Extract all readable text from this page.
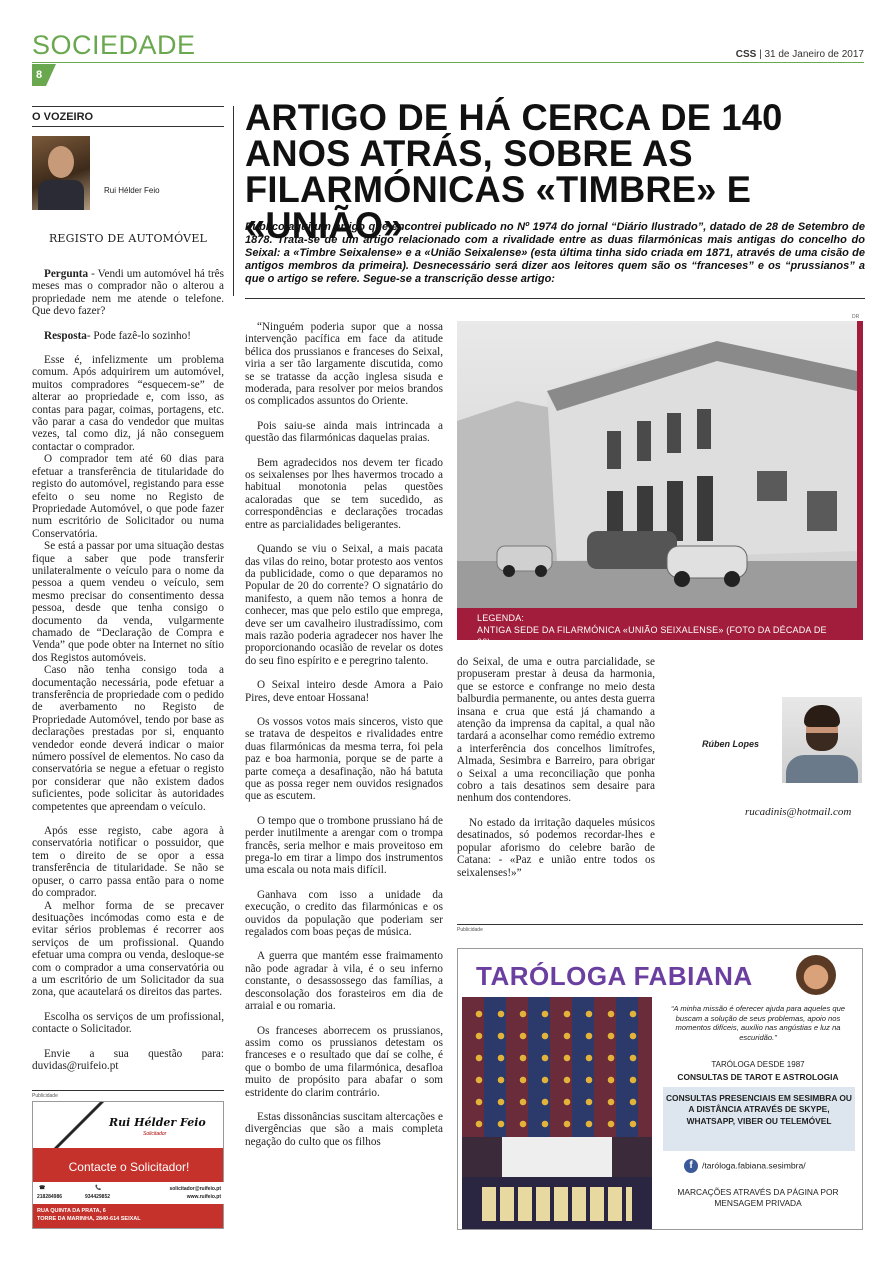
SOCIEDADE	CSS | 31 de Janeiro de 2017
8
O VOZEIRO
Rui Hélder Feio
REGISTO DE AUTOMÓVEL

Pergunta - Vendi um automóvel há três meses mas o comprador não o alterou a propriedade nem me atende o telefone. Que devo fazer?

Resposta- Pode fazê-lo sozinho!

Esse é, infelizmente um problema comum. Após adquirirem um automóvel, muitos compradores “esquecem-se” de alterar ao propriedade e, com isso, as contas para pagar, coimas, portagens, etc. vão parar a casa do vendedor que muitas vezes, tal como diz, já não conseguem contactar o comprador.

O comprador tem até 60 dias para efetuar a transferência de titularidade do registo do automóvel, registando para esse efeito o seu nome no Registo de Propriedade Automóvel, o que pode fazer num escritório de Solicitador ou numa Conservatória.

Se está a passar por uma situação destas fique a saber que pode transferir unilateralmente o veículo para o nome da pessoa a quem vendeu o veículo, sem mesmo precisar do consentimento dessa pessoa, desde que tenha consigo o documento da venda, vulgarmente chamado de “Declaração de Compra e Venda” que pode obter na Internet no sítio dos Registos automóveis.

Caso não tenha consigo toda a documentação necessária, pode efetuar a transferência de propriedade com o pedido de averbamento no Registo de Propriedade Automóvel, tendo por base as declarações prestadas por si, enquanto vendedor eonde deverá indicar o maior número possível de elementos. No caso da conservatória se negue a efetuar o registo por considerar que não existem dados suficientes, pode solicitar às autoridades competentes que apreendam o veículo.

Após esse registo, cabe agora à conservatória notificar o possuidor, que tem o direito de se opor a essa transferência de titularidade. Se não se opuser, o carro passa então para o nome do comprador.

A melhor forma de se precaver desituações incómodas como esta e de evitar sérios problemas é recorrer aos serviços de um profissional. Quando efetuar uma compra ou venda, desloque-se com o comprador a uma conservatória ou a um escritório de um Solicitador da sua zona, que acautelará os direitos das partes.

Escolha os serviços de um profissional, contacte o Solicitador.

Envie a sua questão para: duvidas@ruifeio.pt

Publicidade
Rui Hélder Feio
Solicitador
Contacte o Solicitador!
☎
218284986
📞
934429852
solicitador@ruifeio.pt
www.ruifeio.pt
RUA QUINTA DA PRATA, 6
TORRE DA MARINHA, 2840-614 SEIXAL
ARTIGO DE HÁ CERCA DE 140 ANOS ATRÁS, SOBRE AS FILARMÓNICAS «TIMBRE» E «UNIÃO»

Publico aqui um artigo que encontrei publicado no Nº 1974 do jornal “Diário Ilustrado”, datado de 28 de Setembro de 1878. Trata-se de um artigo relacionado com a rivalidade entre as duas filarmónicas mais antigas do concelho do Seixal: a «Timbre Seixalense» e a «União Seixalense» (esta última tinha sido criada em 1871, através de uma cisão de antigos membros da primeira). Desnecessário será dizer aos leitores quem são os “franceses” e os “prussianos” a que o artigo se refere. Segue-se a transcrição desse artigo:

“Ninguém poderia supor que a nossa intervenção pacífica em face da atitude bélica dos prussianos e franceses do Seixal, viria a ser tão largamente discutida, como se se tratasse da acção inglesa sisuda e moderada, para resolver por meios brandos os complicados assuntos do Oriente.

Pois saiu-se ainda mais intrincada a questão das filarmónicas daquelas praias.

Bem agradecidos nos devem ter ficado os seixalenses por lhes havermos trocado a habitual monotonia pelas questões acaloradas que se tem sucedido, as correspondências e declarações trocadas entre as parcialidades beligerantes.

Quando se viu o Seixal, a mais pacata das vilas do reino, botar protesto aos ventos da publicidade, como o que deparamos no Popular de 20 do corrente? O signatário do manifesto, a quem não temos a honra de conhecer, mas que pelo estilo que emprega, deve ser um cavalheiro ilustradíssimo, com mais razão poderia agradecer nos haver lhe proporcionando ocasião de revelar os dotes do seu fino espírito e e peregrino talento.

O Seixal inteiro desde Amora a Paio Pires, deve entoar Hossana!

Os vossos votos mais sinceros, visto que se tratava de despeitos e rivalidades entre duas filarmónicas da mesma terra, foi pela paz e boa harmonia, porque se de parte a parte começa a desafinação, não há batuta que as possa reger nem ouvidos resignados que as escutem.

O tempo que o trombone prussiano há de perder inutilmente a arengar com o trompa francês, seria melhor e mais proveitoso em prega-lo em tirar a limpo dos instrumentos uma escala ou nota mais difícil.

Ganhava com isso a unidade da execução, o credito das filarmónicas e os ouvidos da população que poderiam ser regalados com boas peças de música.

A guerra que mantém esse fraimamento não pode agradar à vila, é o seu inferno constante, o desassossego das famílias, a desconsolação dos forasteiros em dia de arraial e ou romaria.

Os franceses aborrecem os prussianos, assim como os prussianos detestam os franceses e o resultado que daí se colhe, é que o bombo de uma filarmónica, desafloa muito de propósito para abafar o som estridente do clarim contrário.

Estas dissonâncias suscitam altercações e divergências que são a mais completa negação do culto que os filhos

DR
LEGENDA:
ANTIGA SEDE DA FILARMÓNICA «UNIÃO SEIXALENSE» (FOTO DA DÉCADA DE 60)

do Seixal, de uma e outra parcialidade, se propuseram prestar à deusa da harmonia, que se estorce e confrange no meio desta balburdia permanente, ou antes desta guerra insana e crua que está já chamando a atenção da imprensa da capital, a qual não tardará a aconselhar como remédio extremo a interferência dos concelhos limítrofes, Almada, Sesimbra e Barreiro, para obrigar o Seixal a uma reconciliação que ponha cobro a tais desatinos sem desaire para nenhum dos contendores.

No estado da irritação daqueles músicos desatinados, só podemos recordar-lhes e popular aforismo do celebre barão de Catana: - «Paz e união entre todos os seixalenses!»”

Rúben Lopes
rucadinis@hotmail.com
Publicidade
TARÓLOGA FABIANA
“A minha missão é oferecer ajuda para aqueles que buscam a solução de seus problemas, apoio nos momentos difíceis, auxílio nas angústias e luz na escuridão.”
TARÓLOGA DESDE 1987
CONSULTAS DE TAROT E ASTROLOGIA
CONSULTAS PRESENCIAIS EM SESIMBRA OU A DISTÂNCIA ATRAVÉS DE SKYPE, WHATSAPP, VIBER OU TELEMÓVEL
f /taróloga.fabiana.sesimbra/
MARCAÇÕES ATRAVÉS DA PÁGINA POR MENSAGEM PRIVADA
